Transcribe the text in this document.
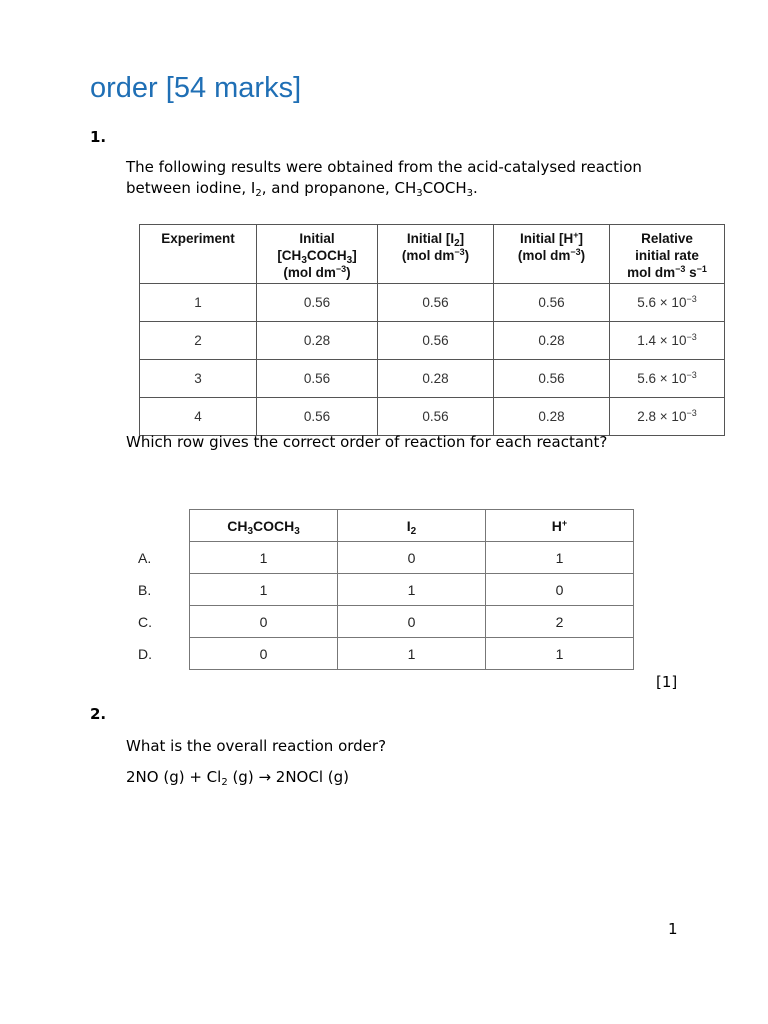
order [54 marks]
1.

The following results were obtained from the acid-catalysed reaction
between iodine, $I_2$, and propanone, $CH_3COCH_3$.

Experiment	Initial
$[CH_3COCH_3]$
(mol $dm^{-3}$)	Initial $[I_2]$
(mol $dm^{-3}$)	Initial [H+]
(mol $dm^{-3}$)	Relative
initial rate
mol $dm^{-3}$ $s^{-1}$
1	0.56	0.56	0.56	$5.6 \times 10^{-3}$
2	0.28	0.56	0.28	$1.4 \times 10^{-3}$
3	0.56	0.28	0.56	$5.6 \times 10^{-3}$
4	0.56	0.56	0.28	$2.8 \times 10^{-3}$

Which row gives the correct order of reaction for each reactant?

	$CH_3COCH_3$	$I_2$	H+
A.	1	0	1
B.	1	1	0
C.	0	0	2
D.	0	1	1
[1]
2.

What is the overall reaction order?

2NO $(g) + Cl_2$ (g) → 2NOCl (g)

1
